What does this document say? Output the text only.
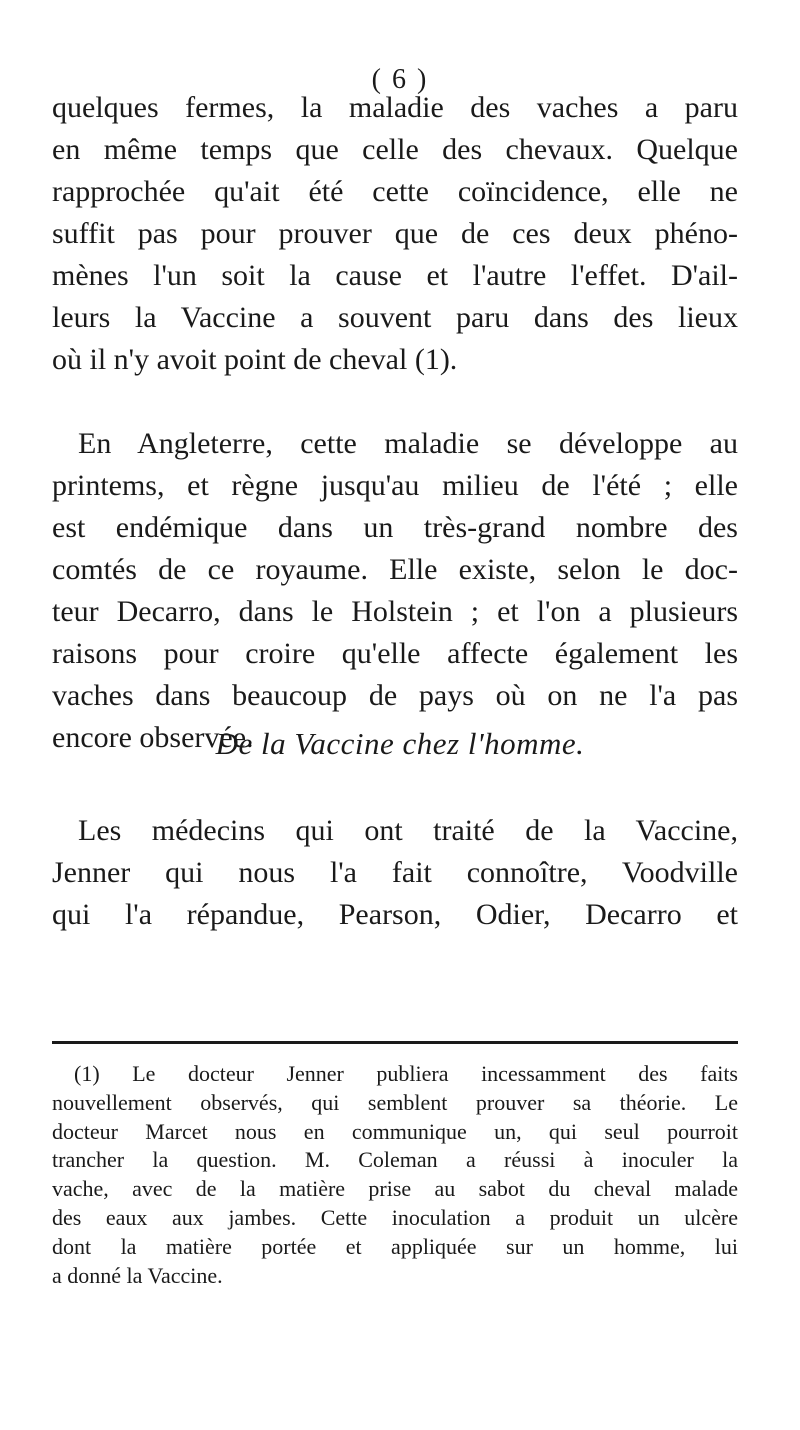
( 6 )
quelques fermes, la maladie des vaches a paru
en même temps que celle des chevaux. Quelque
rapprochée qu'ait été cette coïncidence, elle ne
suffit pas pour prouver que de ces deux phéno-
mènes l'un soit la cause et l'autre l'effet. D'ail-
leurs la Vaccine a souvent paru dans des lieux
où il n'y avoit point de cheval (1).
En Angleterre, cette maladie se développe au
printems, et règne jusqu'au milieu de l'été ; elle
est endémique dans un très-grand nombre des
comtés de ce royaume. Elle existe, selon le doc-
teur Decarro, dans le Holstein ; et l'on a plusieurs
raisons pour croire qu'elle affecte également les
vaches dans beaucoup de pays où on ne l'a pas
encore observée.
De la Vaccine chez l'homme.
Les médecins qui ont traité de la Vaccine,
Jenner qui nous l'a fait connoître, Voodville
qui l'a répandue, Pearson, Odier, Decarro et
(1) Le docteur Jenner publiera incessamment des faits
nouvellement observés, qui semblent prouver sa théorie. Le
docteur Marcet nous en communique un, qui seul pourroit
trancher la question. M. Coleman a réussi à inoculer la
vache, avec de la matière prise au sabot du cheval malade
des eaux aux jambes. Cette inoculation a produit un ulcère
dont la matière portée et appliquée sur un homme, lui
a donné la Vaccine.
